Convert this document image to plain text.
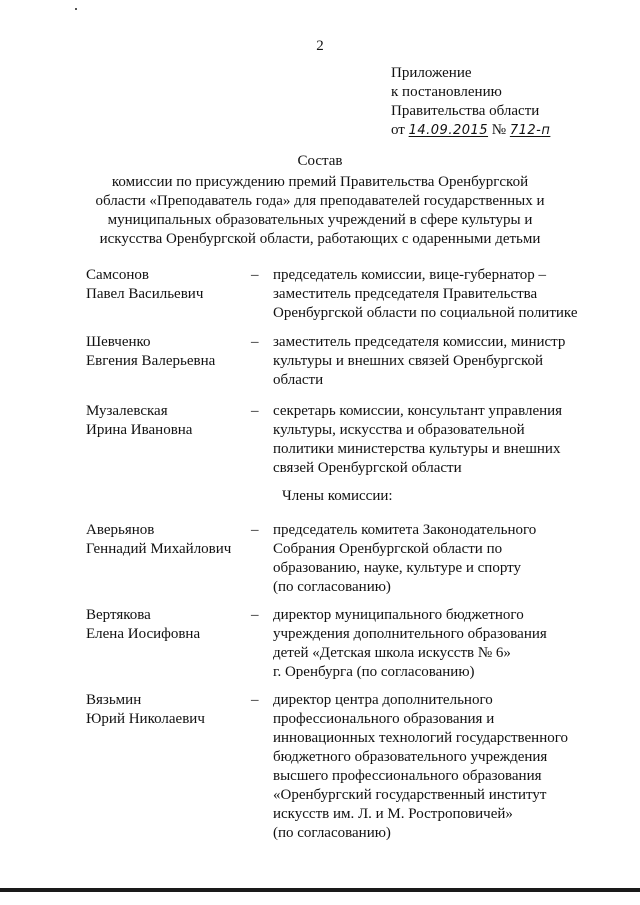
2
Приложение
к постановлению
Правительства области
от 14.09.2015 № 712-п
Состав
комиссии по присуждению премий Правительства Оренбургской
области «Преподаватель года» для преподавателей государственных и
муниципальных образовательных учреждений в сфере культуры и
искусства Оренбургской области, работающих с одаренными детьми
Самсонов
Павел Васильевич
– председатель комиссии, вице-губернатор –
заместитель председателя Правительства
Оренбургской области по социальной политике
Шевченко
Евгения Валерьевна
– заместитель председателя комиссии, министр
культуры и внешних связей Оренбургской
области
Музалевская
Ирина Ивановна
– секретарь комиссии, консультант управления
культуры, искусства и образовательной
политики министерства культуры и внешних
связей Оренбургской области
Члены комиссии:
Аверьянов
Геннадий Михайлович
– председатель комитета Законодательного
Собрания Оренбургской области по
образованию, науке, культуре и спорту
(по согласованию)
Вертякова
Елена Иосифовна
– директор муниципального бюджетного
учреждения дополнительного образования
детей «Детская школа искусств № 6»
г. Оренбурга (по согласованию)
Вязьмин
Юрий Николаевич
– директор центра дополнительного
профессионального образования и
инновационных технологий государственного
бюджетного образовательного учреждения
высшего профессионального образования
«Оренбургский государственный институт
искусств им. Л. и М. Ростроповичей»
(по согласованию)
